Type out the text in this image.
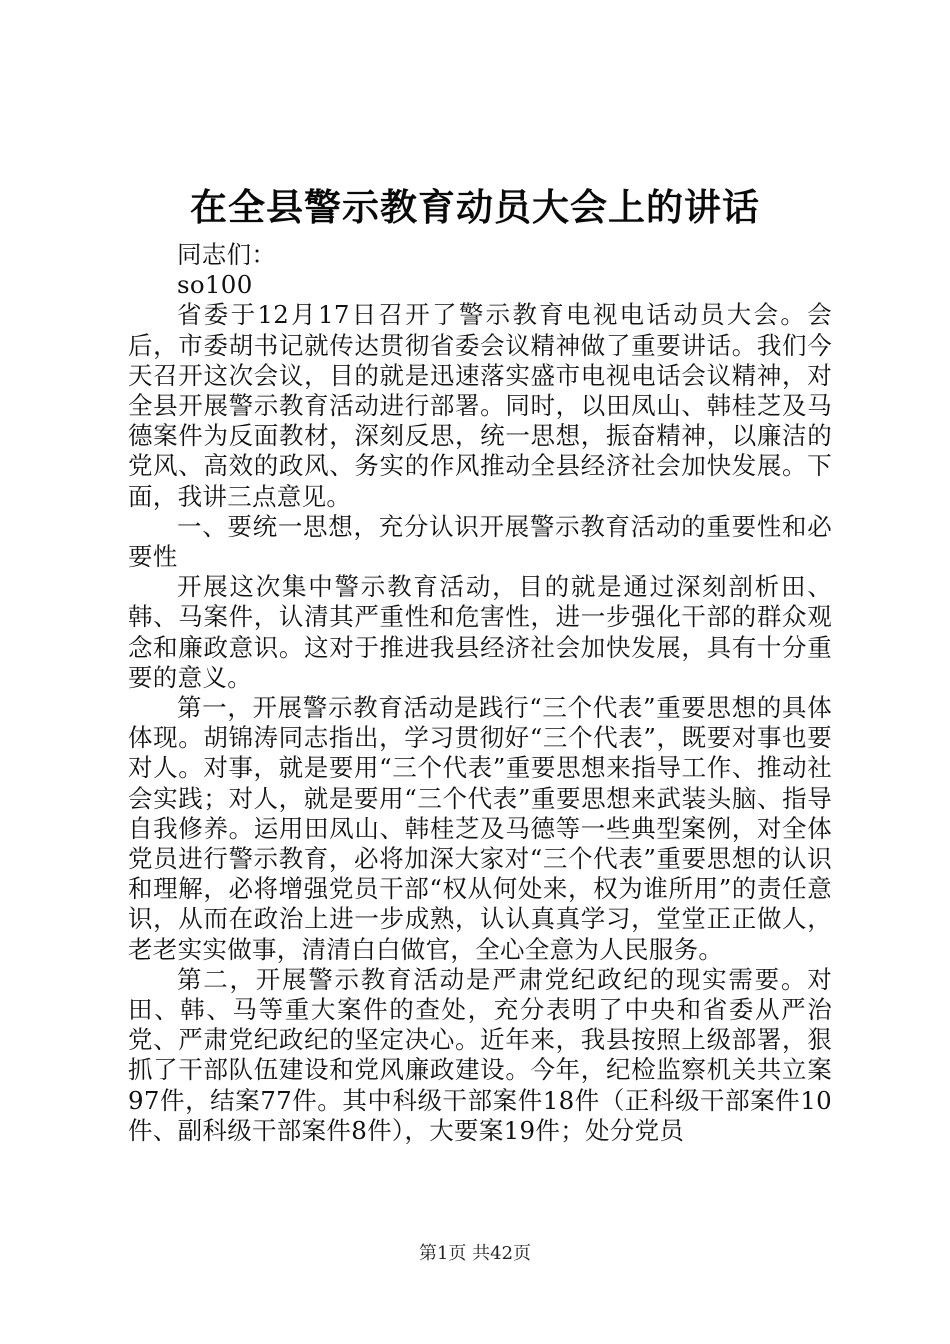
在全县警示教育动员大会上的讲话

同志们：

so100

省委于12月17日召开了警示教育电视电话动员大会。会后，市委胡书记就传达贯彻省委会议精神做了重要讲话。我们今天召开这次会议，目的就是迅速落实盛市电视电话会议精神，对全县开展警示教育活动进行部署。同时，以田凤山、韩桂芝及马德案件为反面教材，深刻反思，统一思想，振奋精神，以廉洁的党风、高效的政风、务实的作风推动全县经济社会加快发展。下面，我讲三点意见。

一、要统一思想，充分认识开展警示教育活动的重要性和必要性

开展这次集中警示教育活动，目的就是通过深刻剖析田、韩、马案件，认清其严重性和危害性，进一步强化干部的群众观念和廉政意识。这对于推进我县经济社会加快发展，具有十分重要的意义。

第一，开展警示教育活动是践行“三个代表”重要思想的具体体现。胡锦涛同志指出，学习贯彻好“三个代表”，既要对事也要对人。对事，就是要用“三个代表”重要思想来指导工作、推动社会实践；对人，就是要用“三个代表”重要思想来武装头脑、指导自我修养。运用田凤山、韩桂芝及马德等一些典型案例，对全体党员进行警示教育，必将加深大家对“三个代表”重要思想的认识和理解，必将增强党员干部“权从何处来，权为谁所用”的责任意识，从而在政治上进一步成熟，认认真真学习，堂堂正正做人，老老实实做事，清清白白做官，全心全意为人民服务。

第二，开展警示教育活动是严肃党纪政纪的现实需要。对田、韩、马等重大案件的查处，充分表明了中央和省委从严治党、严肃党纪政纪的坚定决心。近年来，我县按照上级部署，狠抓了干部队伍建设和党风廉政建设。今年，纪检监察机关共立案97件，结案77件。其中科级干部案件18件（正科级干部案件10件、副科级干部案件8件），大要案19件；处分党员

第1页 共42页
